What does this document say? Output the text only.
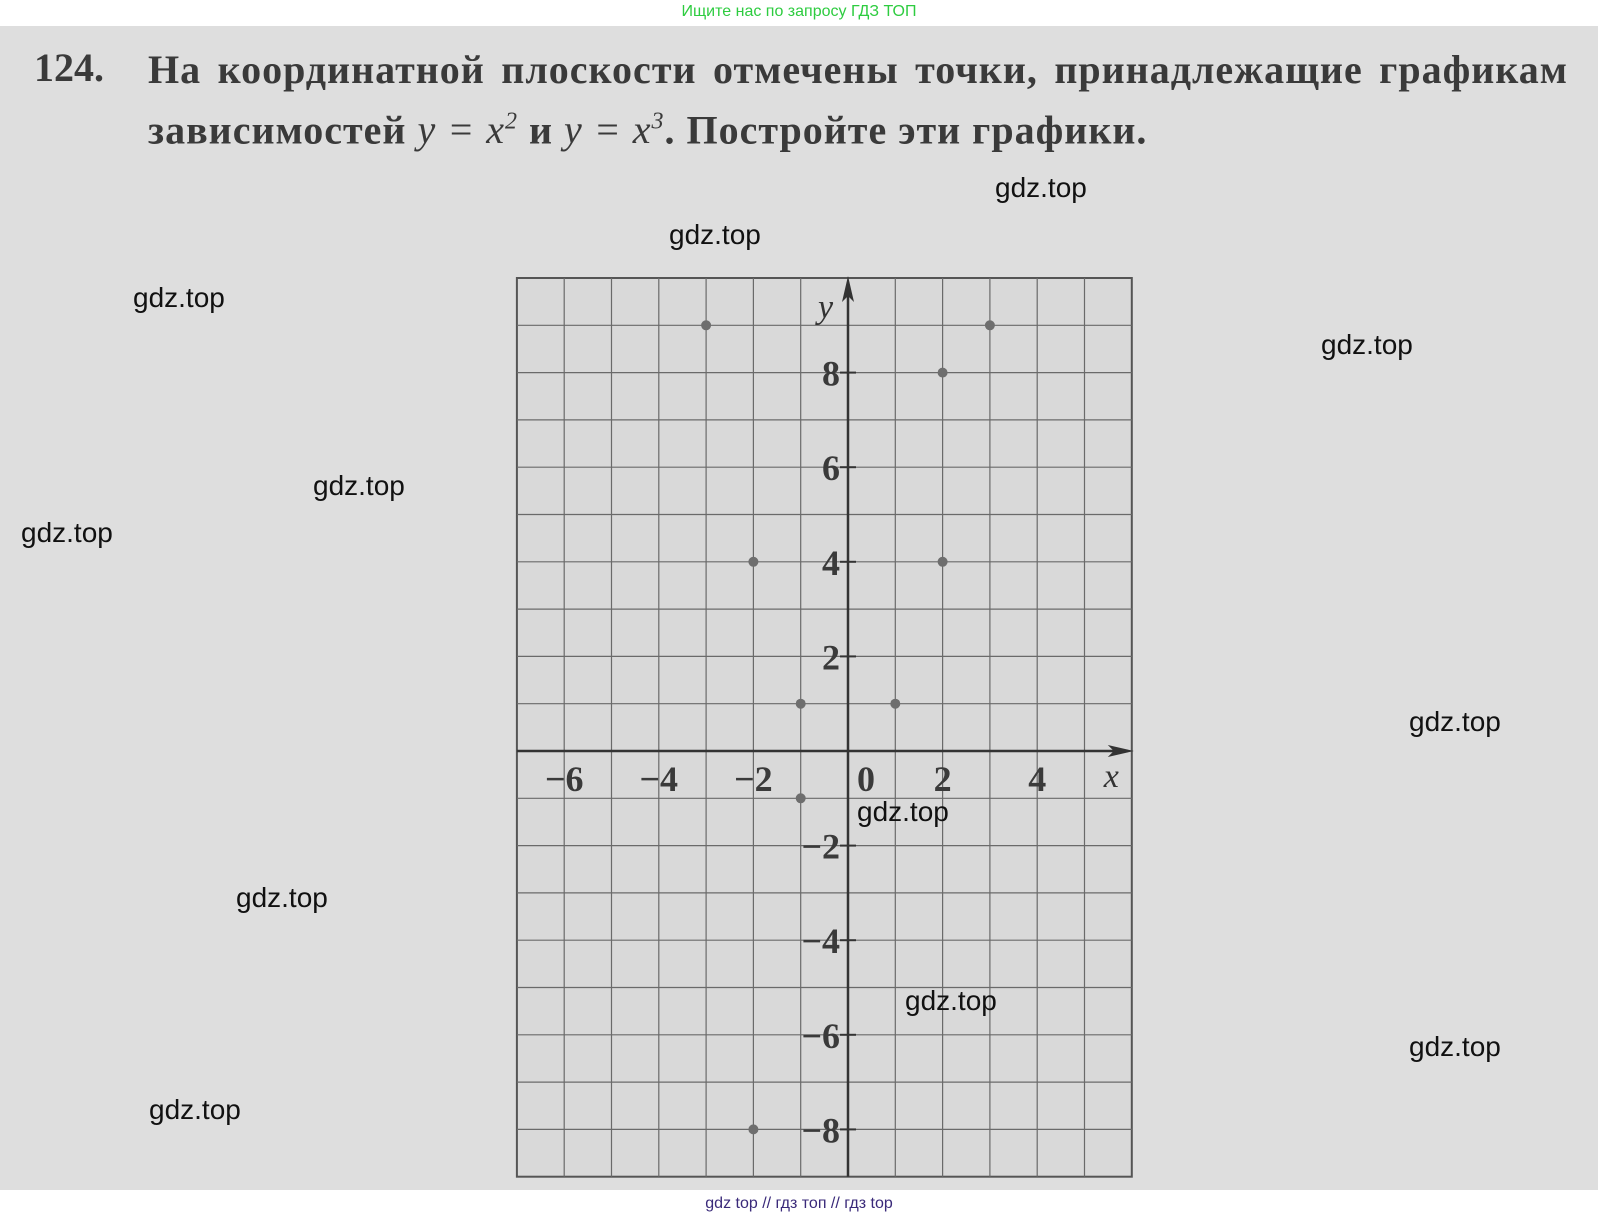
Ищите нас по запросу ГДЗ ТОП
124. На координатной плоскости отмечены точки, принадлежащие графикам зависимостей $y = x^2$ и $y = x^3$. Постройте эти графики.
x
y
−6 −4 −2 0 2 4
8
6
4
2
−2
−4
−6
−8
gdz.top
gdz.top
gdz.top
gdz.top
gdz.top
gdz.top
gdz.top
gdz.top
gdz.top
gdz.top
gdz.top
gdz.top
gdz top // гдз топ // гдз top
